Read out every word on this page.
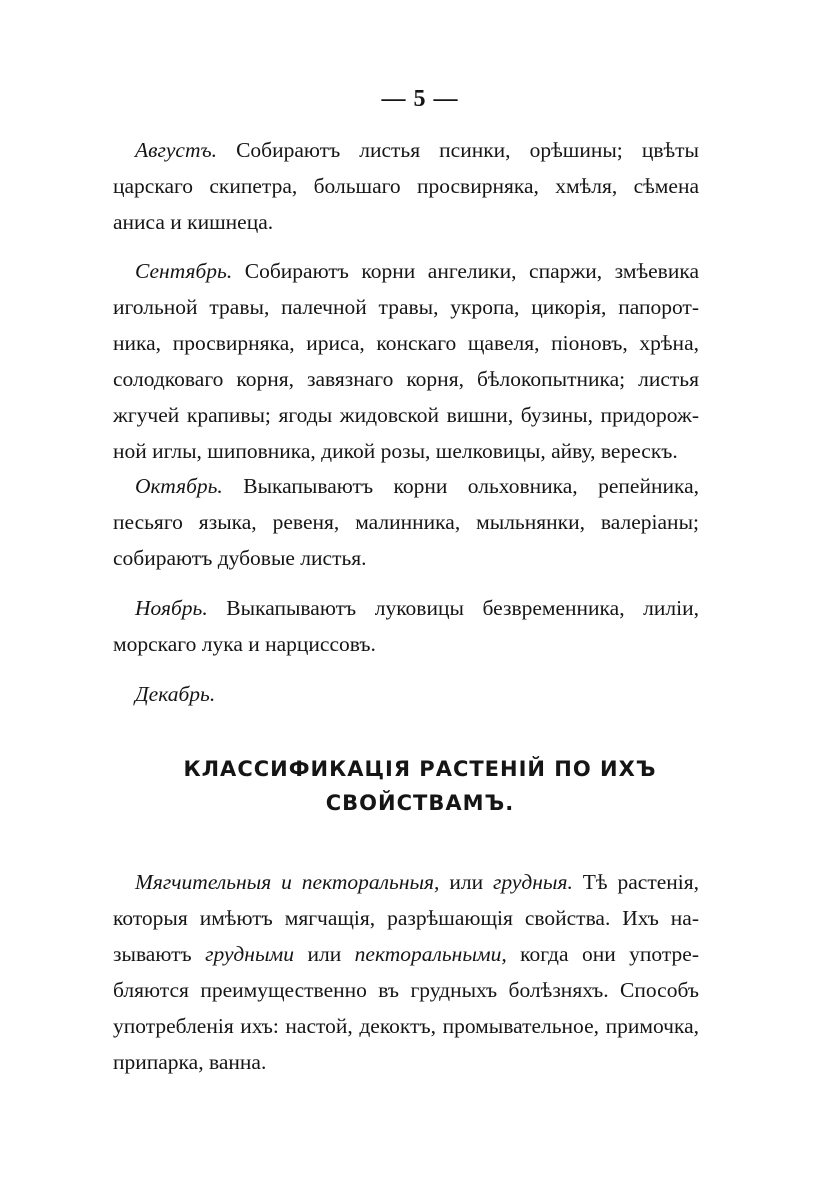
— 5 —
Августъ. Собираютъ листья псинки, орѣшины; цвѣты
царскаго скипетра, большаго просвирняка, хмѣля, сѣмена
аниса и кишнеца.
Сентябрь. Собираютъ корни ангелики, спаржи, змѣевика
игольной травы, палечной травы, укропа, цикорія, папорот-
ника, просвирняка, ириса, конскаго щавеля, піоновъ, хрѣна,
солодковаго корня, завязнаго корня, бѣлокопытника; листья
жгучей крапивы; ягоды жидовской вишни, бузины, придорож-
ной иглы, шиповника, дикой розы, шелковицы, айву, верескъ.
Октябрь. Выкапываютъ корни ольховника, репейника,
песьяго языка, ревеня, малинника, мыльнянки, валеріаны;
собираютъ дубовые листья.
Ноябрь. Выкапываютъ луковицы безвременника, лиліи,
морскаго лука и нарциссовъ.
Декабрь.
КЛАССИФИКАЦІЯ РАСТЕНІЙ ПО ИХЪ
СВОЙСТВАМЪ.
Мягчительныя и пекторальныя, или грудныя. Тѣ растенія,
которыя имѣютъ мягчащія, разрѣшающія свойства. Ихъ на-
зываютъ грудными или пекторальными, когда они употре-
бляются преимущественно въ грудныхъ болѣзняхъ. Способъ
употребленія ихъ: настой, декоктъ, промывательное, примочка,
припарка, ванна.
